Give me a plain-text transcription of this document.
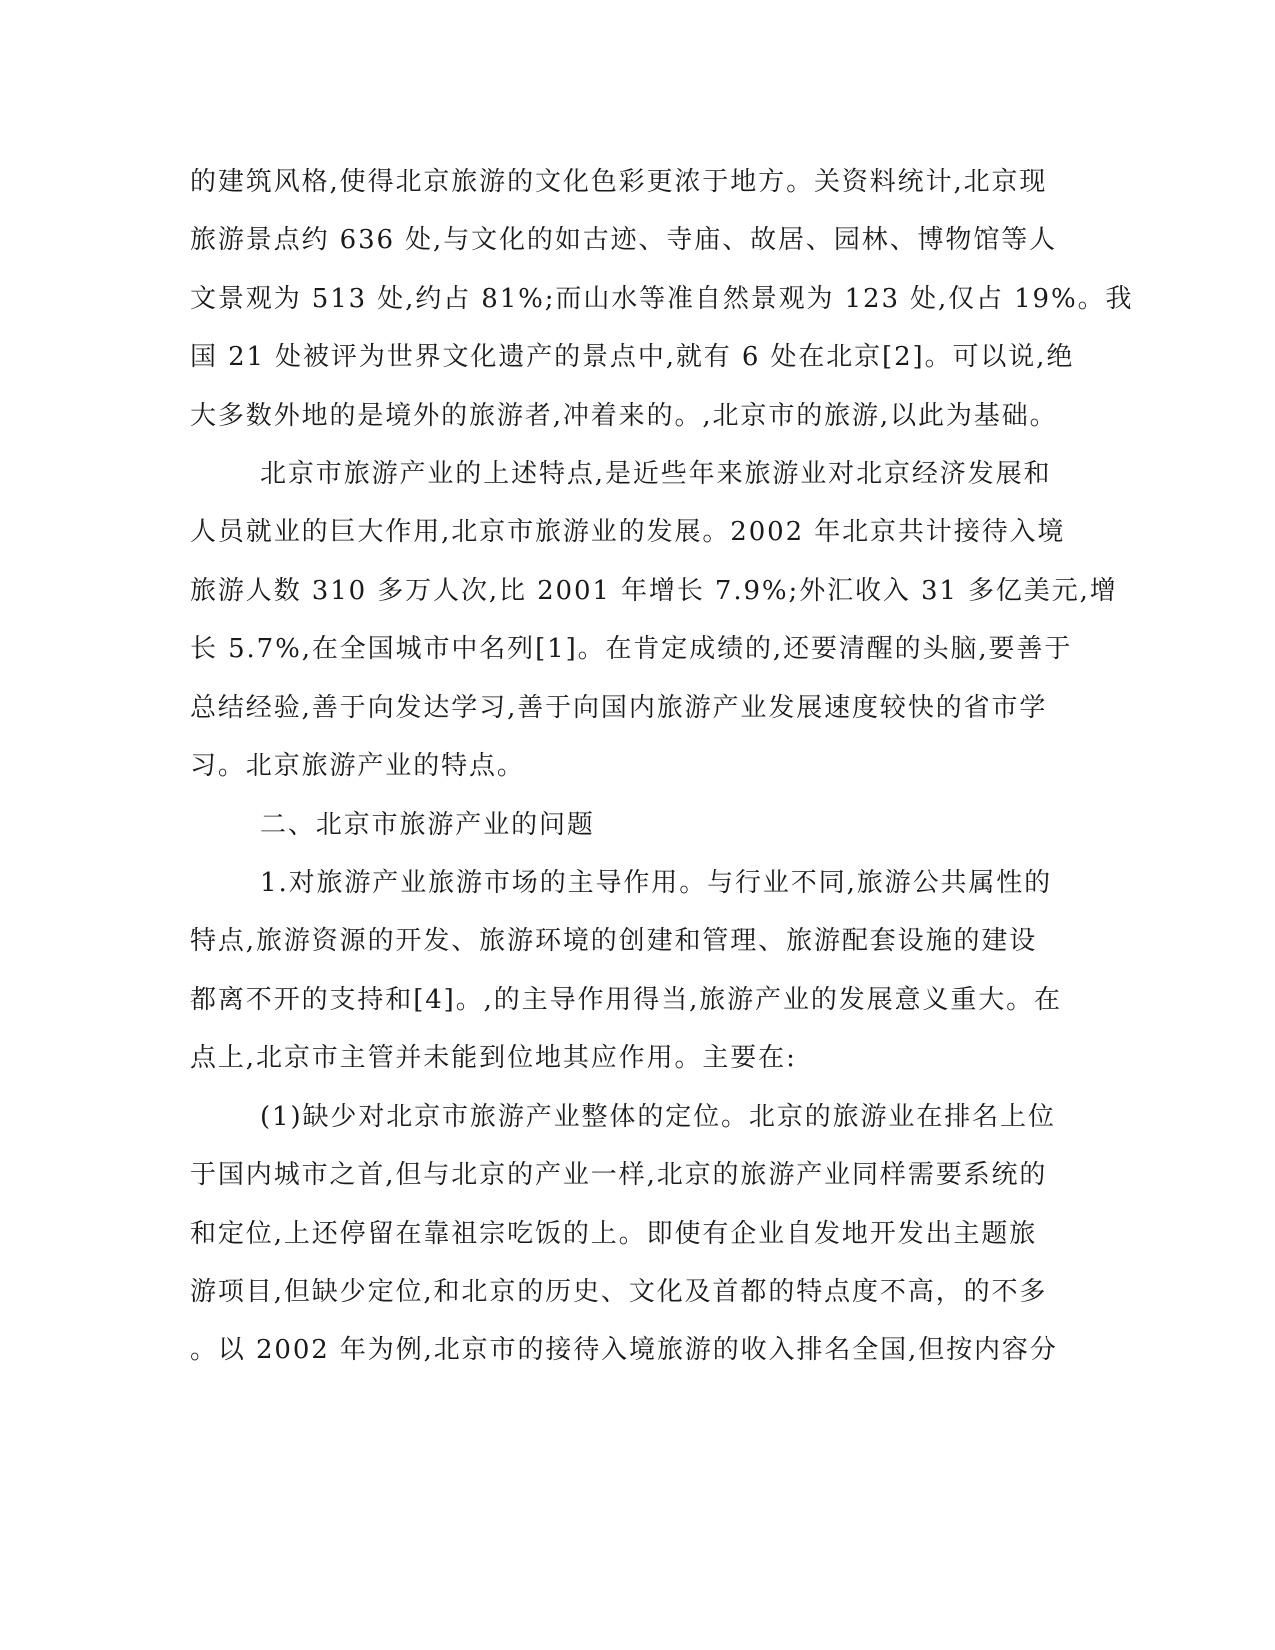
的建筑风格,使得北京旅游的文化色彩更浓于地方。关资料统计,北京现

旅游景点约 636 处,与文化的如古迹、寺庙、故居、园林、博物馆等人

文景观为 513 处,约占 81%;而山水等准自然景观为 123 处,仅占 19%。我

国 21 处被评为世界文化遗产的景点中,就有 6 处在北京[2]。可以说,绝

大多数外地的是境外的旅游者,冲着来的。,北京市的旅游,以此为基础。

北京市旅游产业的上述特点,是近些年来旅游业对北京经济发展和

人员就业的巨大作用,北京市旅游业的发展。2002 年北京共计接待入境

旅游人数 310 多万人次,比 2001 年增长 7.9%;外汇收入 31 多亿美元,增

长 5.7%,在全国城市中名列[1]。在肯定成绩的,还要清醒的头脑,要善于

总结经验,善于向发达学习,善于向国内旅游产业发展速度较快的省市学

习。北京旅游产业的特点。

二、北京市旅游产业的问题

1.对旅游产业旅游市场的主导作用。与行业不同,旅游公共属性的

特点,旅游资源的开发、旅游环境的创建和管理、旅游配套设施的建设

都离不开的支持和[4]。,的主导作用得当,旅游产业的发展意义重大。在

点上,北京市主管并未能到位地其应作用。主要在:

(1)缺少对北京市旅游产业整体的定位。北京的旅游业在排名上位

于国内城市之首,但与北京的产业一样,北京的旅游产业同样需要系统的

和定位,上还停留在靠祖宗吃饭的上。即使有企业自发地开发出主题旅

游项目,但缺少定位,和北京的历史、文化及首都的特点度不高，的不多

。以 2002 年为例,北京市的接待入境旅游的收入排名全国,但按内容分
